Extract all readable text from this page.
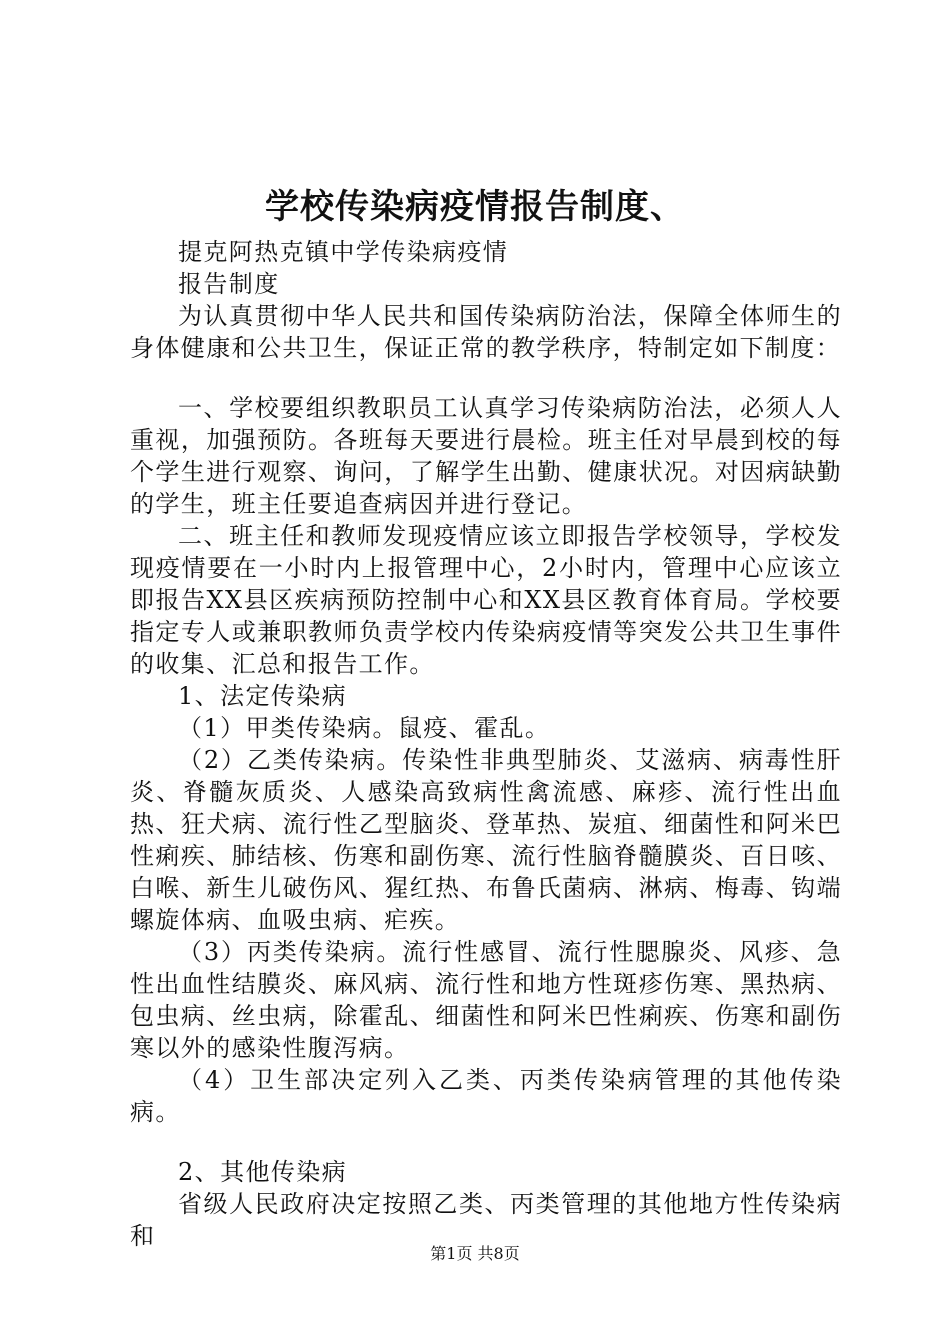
学校传染病疫情报告制度、

提克阿热克镇中学传染病疫情

报告制度

为认真贯彻中华人民共和国传染病防治法，保障全体师生的身体健康和公共卫生，保证正常的教学秩序，特制定如下制度：

一、学校要组织教职员工认真学习传染病防治法，必须人人重视，加强预防。各班每天要进行晨检。班主任对早晨到校的每个学生进行观察、询问，了解学生出勤、健康状况。对因病缺勤的学生，班主任要追查病因并进行登记。

二、班主任和教师发现疫情应该立即报告学校领导，学校发现疫情要在一小时内上报管理中心，2小时内，管理中心应该立即报告XX县区疾病预防控制中心和XX县区教育体育局。学校要指定专人或兼职教师负责学校内传染病疫情等突发公共卫生事件的收集、汇总和报告工作。

1、法定传染病

（1）甲类传染病。鼠疫、霍乱。

（2）乙类传染病。传染性非典型肺炎、艾滋病、病毒性肝炎、脊髓灰质炎、人感染高致病性禽流感、麻疹、流行性出血热、狂犬病、流行性乙型脑炎、登革热、炭疽、细菌性和阿米巴性痢疾、肺结核、伤寒和副伤寒、流行性脑脊髓膜炎、百日咳、白喉、新生儿破伤风、猩红热、布鲁氏菌病、淋病、梅毒、钩端螺旋体病、血吸虫病、疟疾。

（3）丙类传染病。流行性感冒、流行性腮腺炎、风疹、急性出血性结膜炎、麻风病、流行性和地方性斑疹伤寒、黑热病、包虫病、丝虫病，除霍乱、细菌性和阿米巴性痢疾、伤寒和副伤寒以外的感染性腹泻病。

（4）卫生部决定列入乙类、丙类传染病管理的其他传染病。

2、其他传染病

省级人民政府决定按照乙类、丙类管理的其他地方性传染病和

第1页 共8页
